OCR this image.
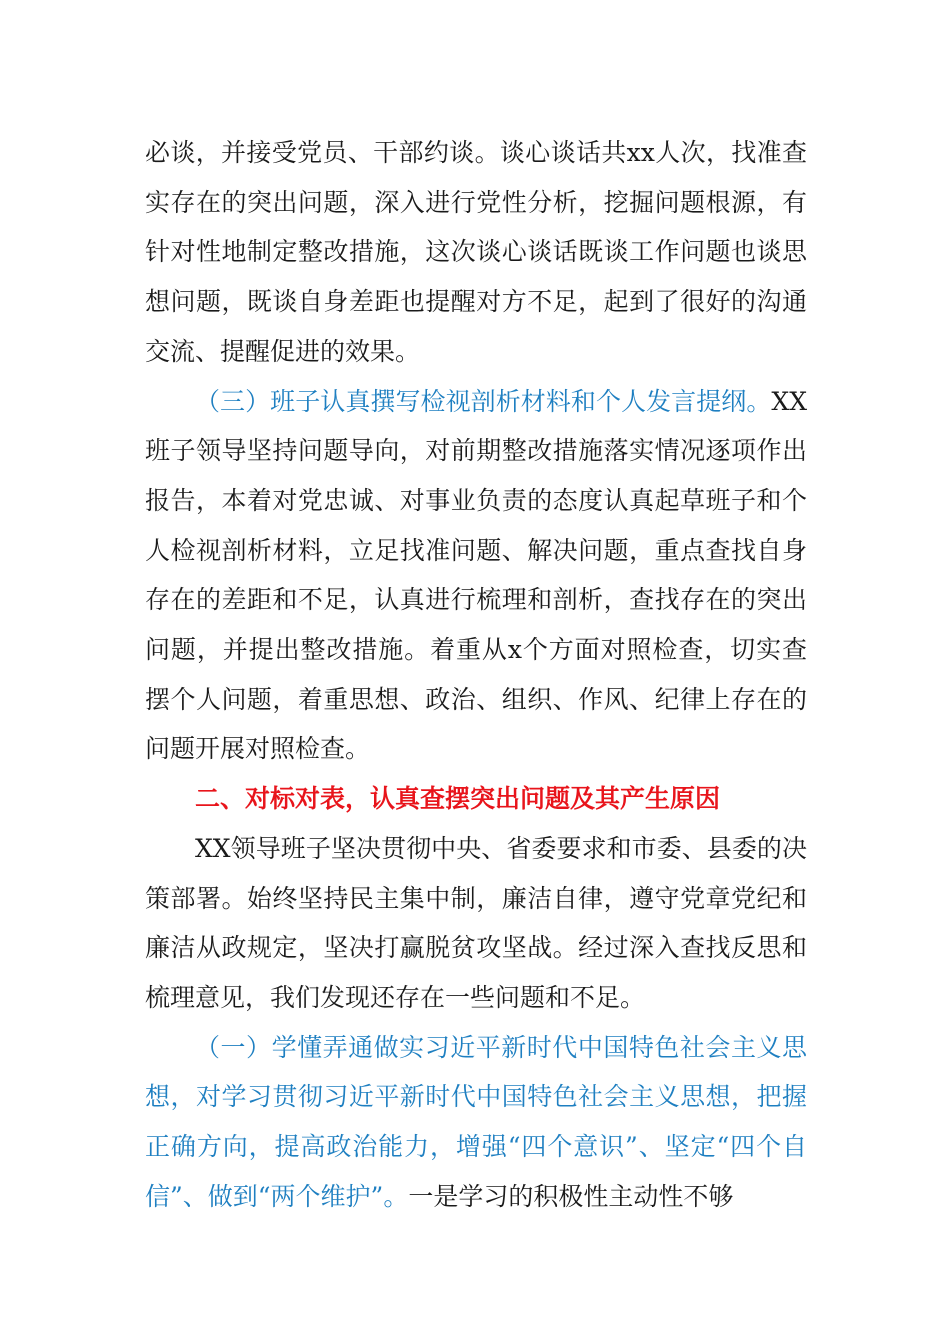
必谈，并接受党员、干部约谈。谈心谈话共xx人次，找准查实存在的突出问题，深入进行党性分析，挖掘问题根源，有针对性地制定整改措施，这次谈心谈话既谈工作问题也谈思想问题，既谈自身差距也提醒对方不足，起到了很好的沟通交流、提醒促进的效果。

（三）班子认真撰写检视剖析材料和个人发言提纲。XX班子领导坚持问题导向，对前期整改措施落实情况逐项作出报告，本着对党忠诚、对事业负责的态度认真起草班子和个人检视剖析材料，立足找准问题、解决问题，重点查找自身存在的差距和不足，认真进行梳理和剖析，查找存在的突出问题，并提出整改措施。着重从x个方面对照检查，切实查摆个人问题，着重思想、政治、组织、作风、纪律上存在的问题开展对照检查。

二、对标对表，认真查摆突出问题及其产生原因

XX领导班子坚决贯彻中央、省委要求和市委、县委的决策部署。始终坚持民主集中制，廉洁自律，遵守党章党纪和廉洁从政规定，坚决打赢脱贫攻坚战。经过深入查找反思和梳理意见，我们发现还存在一些问题和不足。

（一）学懂弄通做实习近平新时代中国特色社会主义思想，对学习贯彻习近平新时代中国特色社会主义思想，把握正确方向，提高政治能力，增强“四个意识”、坚定“四个自信”、做到“两个维护”。一是学习的积极性主动性不够
